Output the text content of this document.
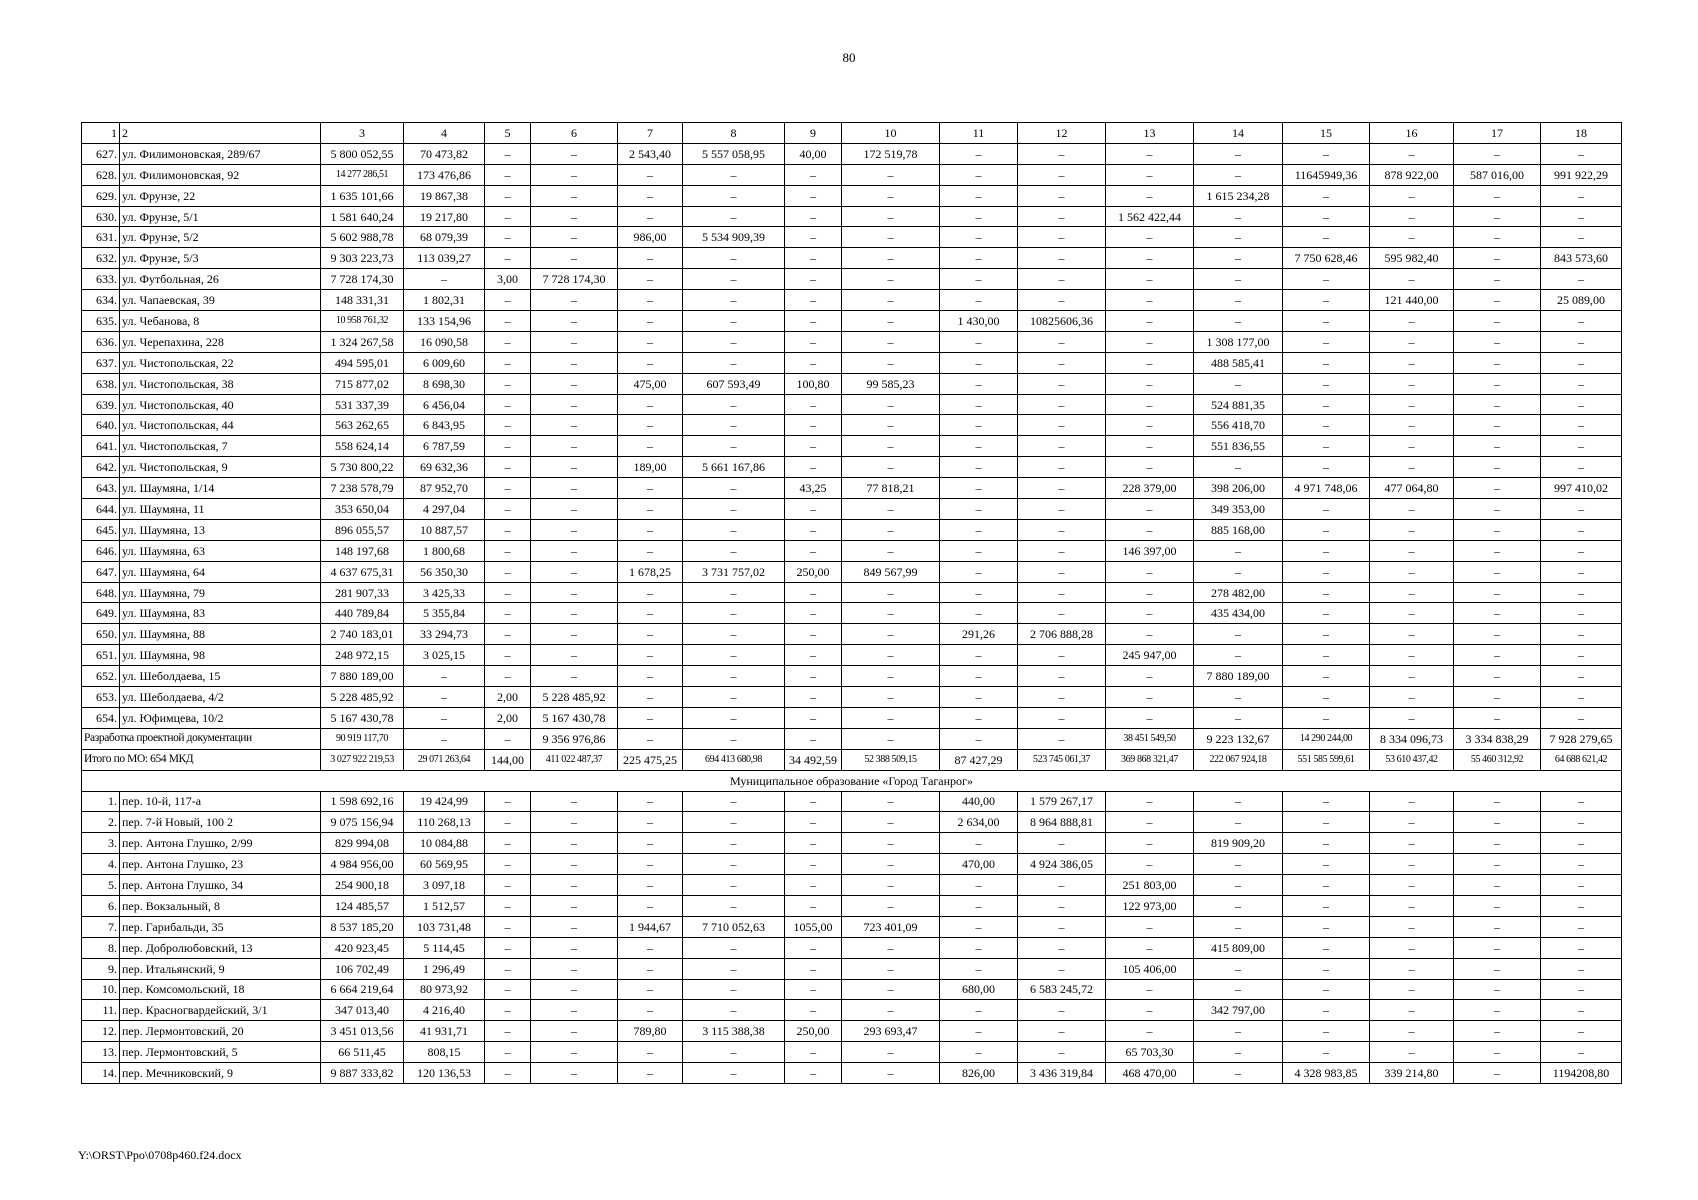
80
1	2	3	4	5	6	7	8	9	10	11	12	13	14	15	16	17	18
627.	ул. Филимоновская, 289/67	5 800 052,55	70 473,82	–	–	2 543,40	5 557 058,95	40,00	172 519,78	–	–	–	–	–	–	–	–
628.	ул. Филимоновская, 92	14 277 286,51	173 476,86	–	–	–	–	–	–	–	–	–	–	11645949,36	878 922,00	587 016,00	991 922,29
629.	ул. Фрунзе, 22	1 635 101,66	19 867,38	–	–	–	–	–	–	–	–	–	1 615 234,28	–	–	–	–
630.	ул. Фрунзе, 5/1	1 581 640,24	19 217,80	–	–	–	–	–	–	–	–	1 562 422,44	–	–	–	–	–
631.	ул. Фрунзе, 5/2	5 602 988,78	68 079,39	–	–	986,00	5 534 909,39	–	–	–	–	–	–	–	–	–	–
632.	ул. Фрунзе, 5/3	9 303 223,73	113 039,27	–	–	–	–	–	–	–	–	–	–	7 750 628,46	595 982,40	–	843 573,60
633.	ул. Футбольная, 26	7 728 174,30	–	3,00	7 728 174,30	–	–	–	–	–	–	–	–	–	–	–	–
634.	ул. Чапаевская, 39	148 331,31	1 802,31	–	–	–	–	–	–	–	–	–	–	–	121 440,00	–	25 089,00
635.	ул. Чебанова, 8	10 958 761,32	133 154,96	–	–	–	–	–	–	1 430,00	10825606,36	–	–	–	–	–	–
636.	ул. Черепахина, 228	1 324 267,58	16 090,58	–	–	–	–	–	–	–	–	–	1 308 177,00	–	–	–	–
637.	ул. Чистопольская, 22	494 595,01	6 009,60	–	–	–	–	–	–	–	–	–	488 585,41	–	–	–	–
638.	ул. Чистопольская, 38	715 877,02	8 698,30	–	–	475,00	607 593,49	100,80	99 585,23	–	–	–	–	–	–	–	–
639.	ул. Чистопольская, 40	531 337,39	6 456,04	–	–	–	–	–	–	–	–	–	524 881,35	–	–	–	–
640.	ул. Чистопольская, 44	563 262,65	6 843,95	–	–	–	–	–	–	–	–	–	556 418,70	–	–	–	–
641.	ул. Чистопольская, 7	558 624,14	6 787,59	–	–	–	–	–	–	–	–	–	551 836,55	–	–	–	–
642.	ул. Чистопольская, 9	5 730 800,22	69 632,36	–	–	189,00	5 661 167,86	–	–	–	–	–	–	–	–	–	–
643.	ул. Шаумяна, 1/14	7 238 578,79	87 952,70	–	–	–	–	43,25	77 818,21	–	–	228 379,00	398 206,00	4 971 748,06	477 064,80	–	997 410,02
644.	ул. Шаумяна, 11	353 650,04	4 297,04	–	–	–	–	–	–	–	–	–	349 353,00	–	–	–	–
645.	ул. Шаумяна, 13	896 055,57	10 887,57	–	–	–	–	–	–	–	–	–	885 168,00	–	–	–	–
646.	ул. Шаумяна, 63	148 197,68	1 800,68	–	–	–	–	–	–	–	–	146 397,00	–	–	–	–	–
647.	ул. Шаумяна, 64	4 637 675,31	56 350,30	–	–	1 678,25	3 731 757,02	250,00	849 567,99	–	–	–	–	–	–	–	–
648.	ул. Шаумяна, 79	281 907,33	3 425,33	–	–	–	–	–	–	–	–	–	278 482,00	–	–	–	–
649.	ул. Шаумяна, 83	440 789,84	5 355,84	–	–	–	–	–	–	–	–	–	435 434,00	–	–	–	–
650.	ул. Шаумяна, 88	2 740 183,01	33 294,73	–	–	–	–	–	–	291,26	2 706 888,28	–	–	–	–	–	–
651.	ул. Шаумяна, 98	248 972,15	3 025,15	–	–	–	–	–	–	–	–	245 947,00	–	–	–	–	–
652.	ул. Шеболдаева, 15	7 880 189,00	–	–	–	–	–	–	–	–	–	–	7 880 189,00	–	–	–	–
653.	ул. Шеболдаева, 4/2	5 228 485,92	–	2,00	5 228 485,92	–	–	–	–	–	–	–	–	–	–	–	–
654.	ул. Юфимцева, 10/2	5 167 430,78	–	2,00	5 167 430,78	–	–	–	–	–	–	–	–	–	–	–	–
Разработка проектной документации		90 919 117,70	–	–	9 356 976,86	–	–	–	–	–	–	38 451 549,50	9 223 132,67	14 290 244,00	8 334 096,73	3 334 838,29	7 928 279,65
Итого по МО: 654 МКД		3 027 922 219,53	29 071 263,64	144,00	411 022 487,37	225 475,25	694 413 680,98	34 492,59	52 388 509,15	87 427,29	523 745 061,37	369 868 321,47	222 067 924,18	551 585 599,61	53 610 437,42	55 460 312,92	64 688 621,42
Муниципальное образование «Город Таганрог»																	
1.	пер. 10-й, 117-а	1 598 692,16	19 424,99	–	–	–	–	–	–	440,00	1 579 267,17	–	–	–	–	–	–
2.	пер. 7-й Новый, 100 2	9 075 156,94	110 268,13	–	–	–	–	–	–	2 634,00	8 964 888,81	–	–	–	–	–	–
3.	пер. Антона Глушко, 2/99	829 994,08	10 084,88	–	–	–	–	–	–	–	–	–	819 909,20	–	–	–	–
4.	пер. Антона Глушко, 23	4 984 956,00	60 569,95	–	–	–	–	–	–	470,00	4 924 386,05	–	–	–	–	–	–
5.	пер. Антона Глушко, 34	254 900,18	3 097,18	–	–	–	–	–	–	–	–	251 803,00	–	–	–	–	–
6.	пер. Вокзальный, 8	124 485,57	1 512,57	–	–	–	–	–	–	–	–	122 973,00	–	–	–	–	–
7.	пер. Гарибальди, 35	8 537 185,20	103 731,48	–	–	1 944,67	7 710 052,63	1055,00	723 401,09	–	–	–	–	–	–	–	–
8.	пер. Добролюбовский, 13	420 923,45	5 114,45	–	–	–	–	–	–	–	–	–	415 809,00	–	–	–	–
9.	пер. Итальянский, 9	106 702,49	1 296,49	–	–	–	–	–	–	–	–	105 406,00	–	–	–	–	–
10.	пер. Комсомольский, 18	6 664 219,64	80 973,92	–	–	–	–	–	–	680,00	6 583 245,72	–	–	–	–	–	–
11.	пер. Красногвардейский, 3/1	347 013,40	4 216,40	–	–	–	–	–	–	–	–	–	342 797,00	–	–	–	–
12.	пер. Лермонтовский, 20	3 451 013,56	41 931,71	–	–	789,80	3 115 388,38	250,00	293 693,47	–	–	–	–	–	–	–	–
13.	пер. Лермонтовский, 5	66 511,45	808,15	–	–	–	–	–	–	–	–	65 703,30	–	–	–	–	–
14.	пер. Мечниковский, 9	9 887 333,82	120 136,53	–	–	–	–	–	–	826,00	3 436 319,84	468 470,00	–	4 328 983,85	339 214,80	–	1194208,80
Y:\ORST\Ppo\0708p460.f24.docx
